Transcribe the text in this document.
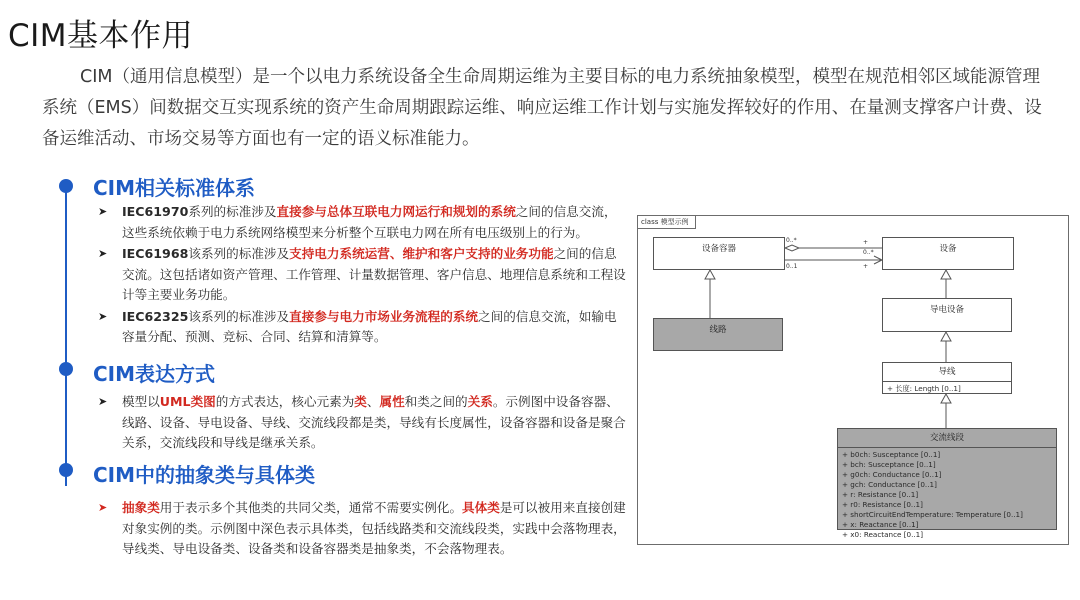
CIM基本作用
CIM（通用信息模型）是一个以电力系统设备全生命周期运维为主要目标的电力系统抽象模型，模型在规范相邻区域能源管理系统（EMS）间数据交互实现系统的资产生命周期跟踪运维、响应运维工作计划与实施发挥较好的作用、在量测支撑客户计费、设备运维活动、市场交易等方面也有一定的语义标准能力。
CIM相关标准体系
➤ IEC61970系列的标准涉及直接参与总体互联电力网运行和规划的系统之间的信息交流，这些系统依赖于电力系统网络模型来分析整个互联电力网在所有电压级别上的行为。
➤ IEC61968该系列的标准涉及支持电力系统运营、维护和客户支持的业务功能之间的信息交流。这包括诸如资产管理、工作管理、计量数据管理、客户信息、地理信息系统和工程设计等主要业务功能。
➤ IEC62325该系列的标准涉及直接参与电力市场业务流程的系统之间的信息交流，如输电容量分配、预测、竞标、合同、结算和清算等。
CIM表达方式
➤ 模型以UML类图的方式表达，核心元素为类、属性和类之间的关系。示例图中设备容器、线路、设备、导电设备、导线、交流线段都是类，导线有长度属性，设备容器和设备是聚合关系，交流线段和导线是继承关系。
CIM中的抽象类与具体类
➤ 抽象类用于表示多个其他类的共同父类，通常不需要实例化。具体类是可以被用来直接创建对象实例的类。示例图中深色表示具体类，包括线路类和交流线段类，实践中会落物理表，导线类、导电设备类、设备类和设备容器类是抽象类，不会落物理表。
class 模型示例
0..*
0..1
+
0..*
+
设备容器	设备
线路
导电设备
导线
+ 长度: Length [0..1]
交流线段
+ b0ch: Susceptance [0..1]
+ bch: Susceptance [0..1]
+ g0ch: Conductance [0..1]
+ gch: Conductance [0..1]
+ r: Resistance [0..1]
+ r0: Resistance [0..1]
+ shortCircuitEndTemperature: Temperature [0..1]
+ x: Reactance [0..1]
+ x0: Reactance [0..1]
